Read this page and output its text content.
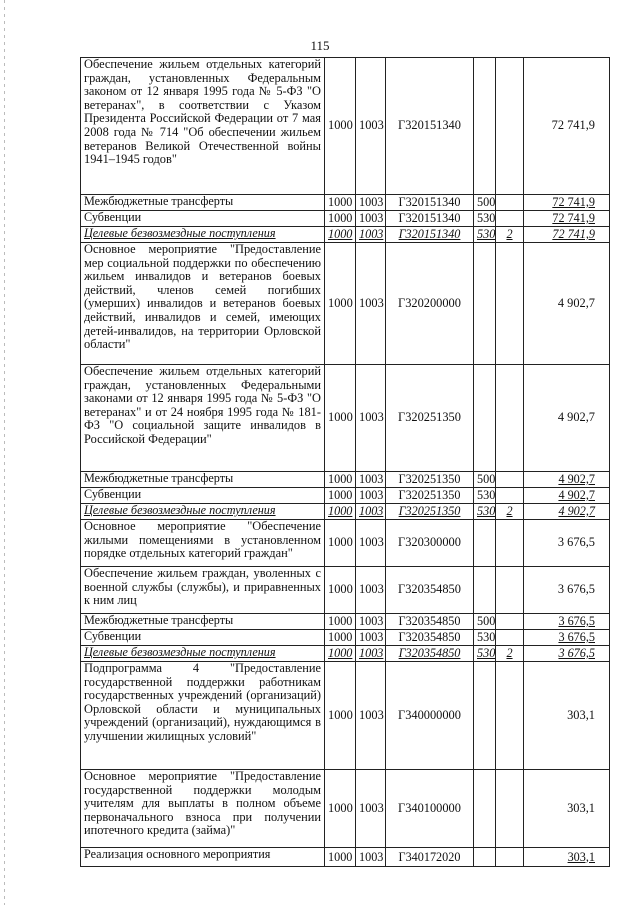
115
Обеспечение жильем отдельных категорий граждан, установленных Федеральным законом от 12 января 1995 года № 5-ФЗ "О ветеранах", в соответствии с Указом Президента Российской Федерации от 7 мая 2008 года № 714 "Об обеспечении жильем ветеранов Великой Отечественной войны 1941–1945 годов"	1000	1003	Г320151340			72 741,9
Межбюджетные трансферты	1000	1003	Г320151340	500		72 741,9
Субвенции	1000	1003	Г320151340	530		72 741,9
Целевые безвозмездные поступления	1000	1003	Г320151340	530	2	72 741,9
Основное мероприятие "Предоставление мер социальной поддержки по обеспечению жильем инвалидов и ветеранов боевых действий, членов семей погибших (умерших) инвалидов и ветеранов боевых действий, инвалидов и семей, имеющих детей-инвалидов, на территории Орловской области"	1000	1003	Г320200000			4 902,7
Обеспечение жильем отдельных категорий граждан, установленных Федеральными законами от 12 января 1995 года № 5-ФЗ "О ветеранах" и от 24 ноября 1995 года № 181-ФЗ "О социальной защите инвалидов в Российской Федерации"	1000	1003	Г320251350			4 902,7
Межбюджетные трансферты	1000	1003	Г320251350	500		4 902,7
Субвенции	1000	1003	Г320251350	530		4 902,7
Целевые безвозмездные поступления	1000	1003	Г320251350	530	2	4 902,7
Основное мероприятие "Обеспечение жилыми помещениями в установленном порядке отдельных категорий граждан"	1000	1003	Г320300000			3 676,5
Обеспечение жильем граждан, уволенных с военной службы (службы), и приравненных к ним лиц	1000	1003	Г320354850			3 676,5
Межбюджетные трансферты	1000	1003	Г320354850	500		3 676,5
Субвенции	1000	1003	Г320354850	530		3 676,5
Целевые безвозмездные поступления	1000	1003	Г320354850	530	2	3 676,5
Подпрограмма 4 "Предоставление государственной поддержки работникам государственных учреждений (организаций) Орловской области и муниципальных учреждений (организаций), нуждающимся в улучшении жилищных условий"	1000	1003	Г340000000			303,1
Основное мероприятие "Предоставление государственной поддержки молодым учителям для выплаты в полном объеме первоначального взноса при получении ипотечного кредита (займа)"	1000	1003	Г340100000			303,1
Реализация основного мероприятия	1000	1003	Г340172020			303,1
